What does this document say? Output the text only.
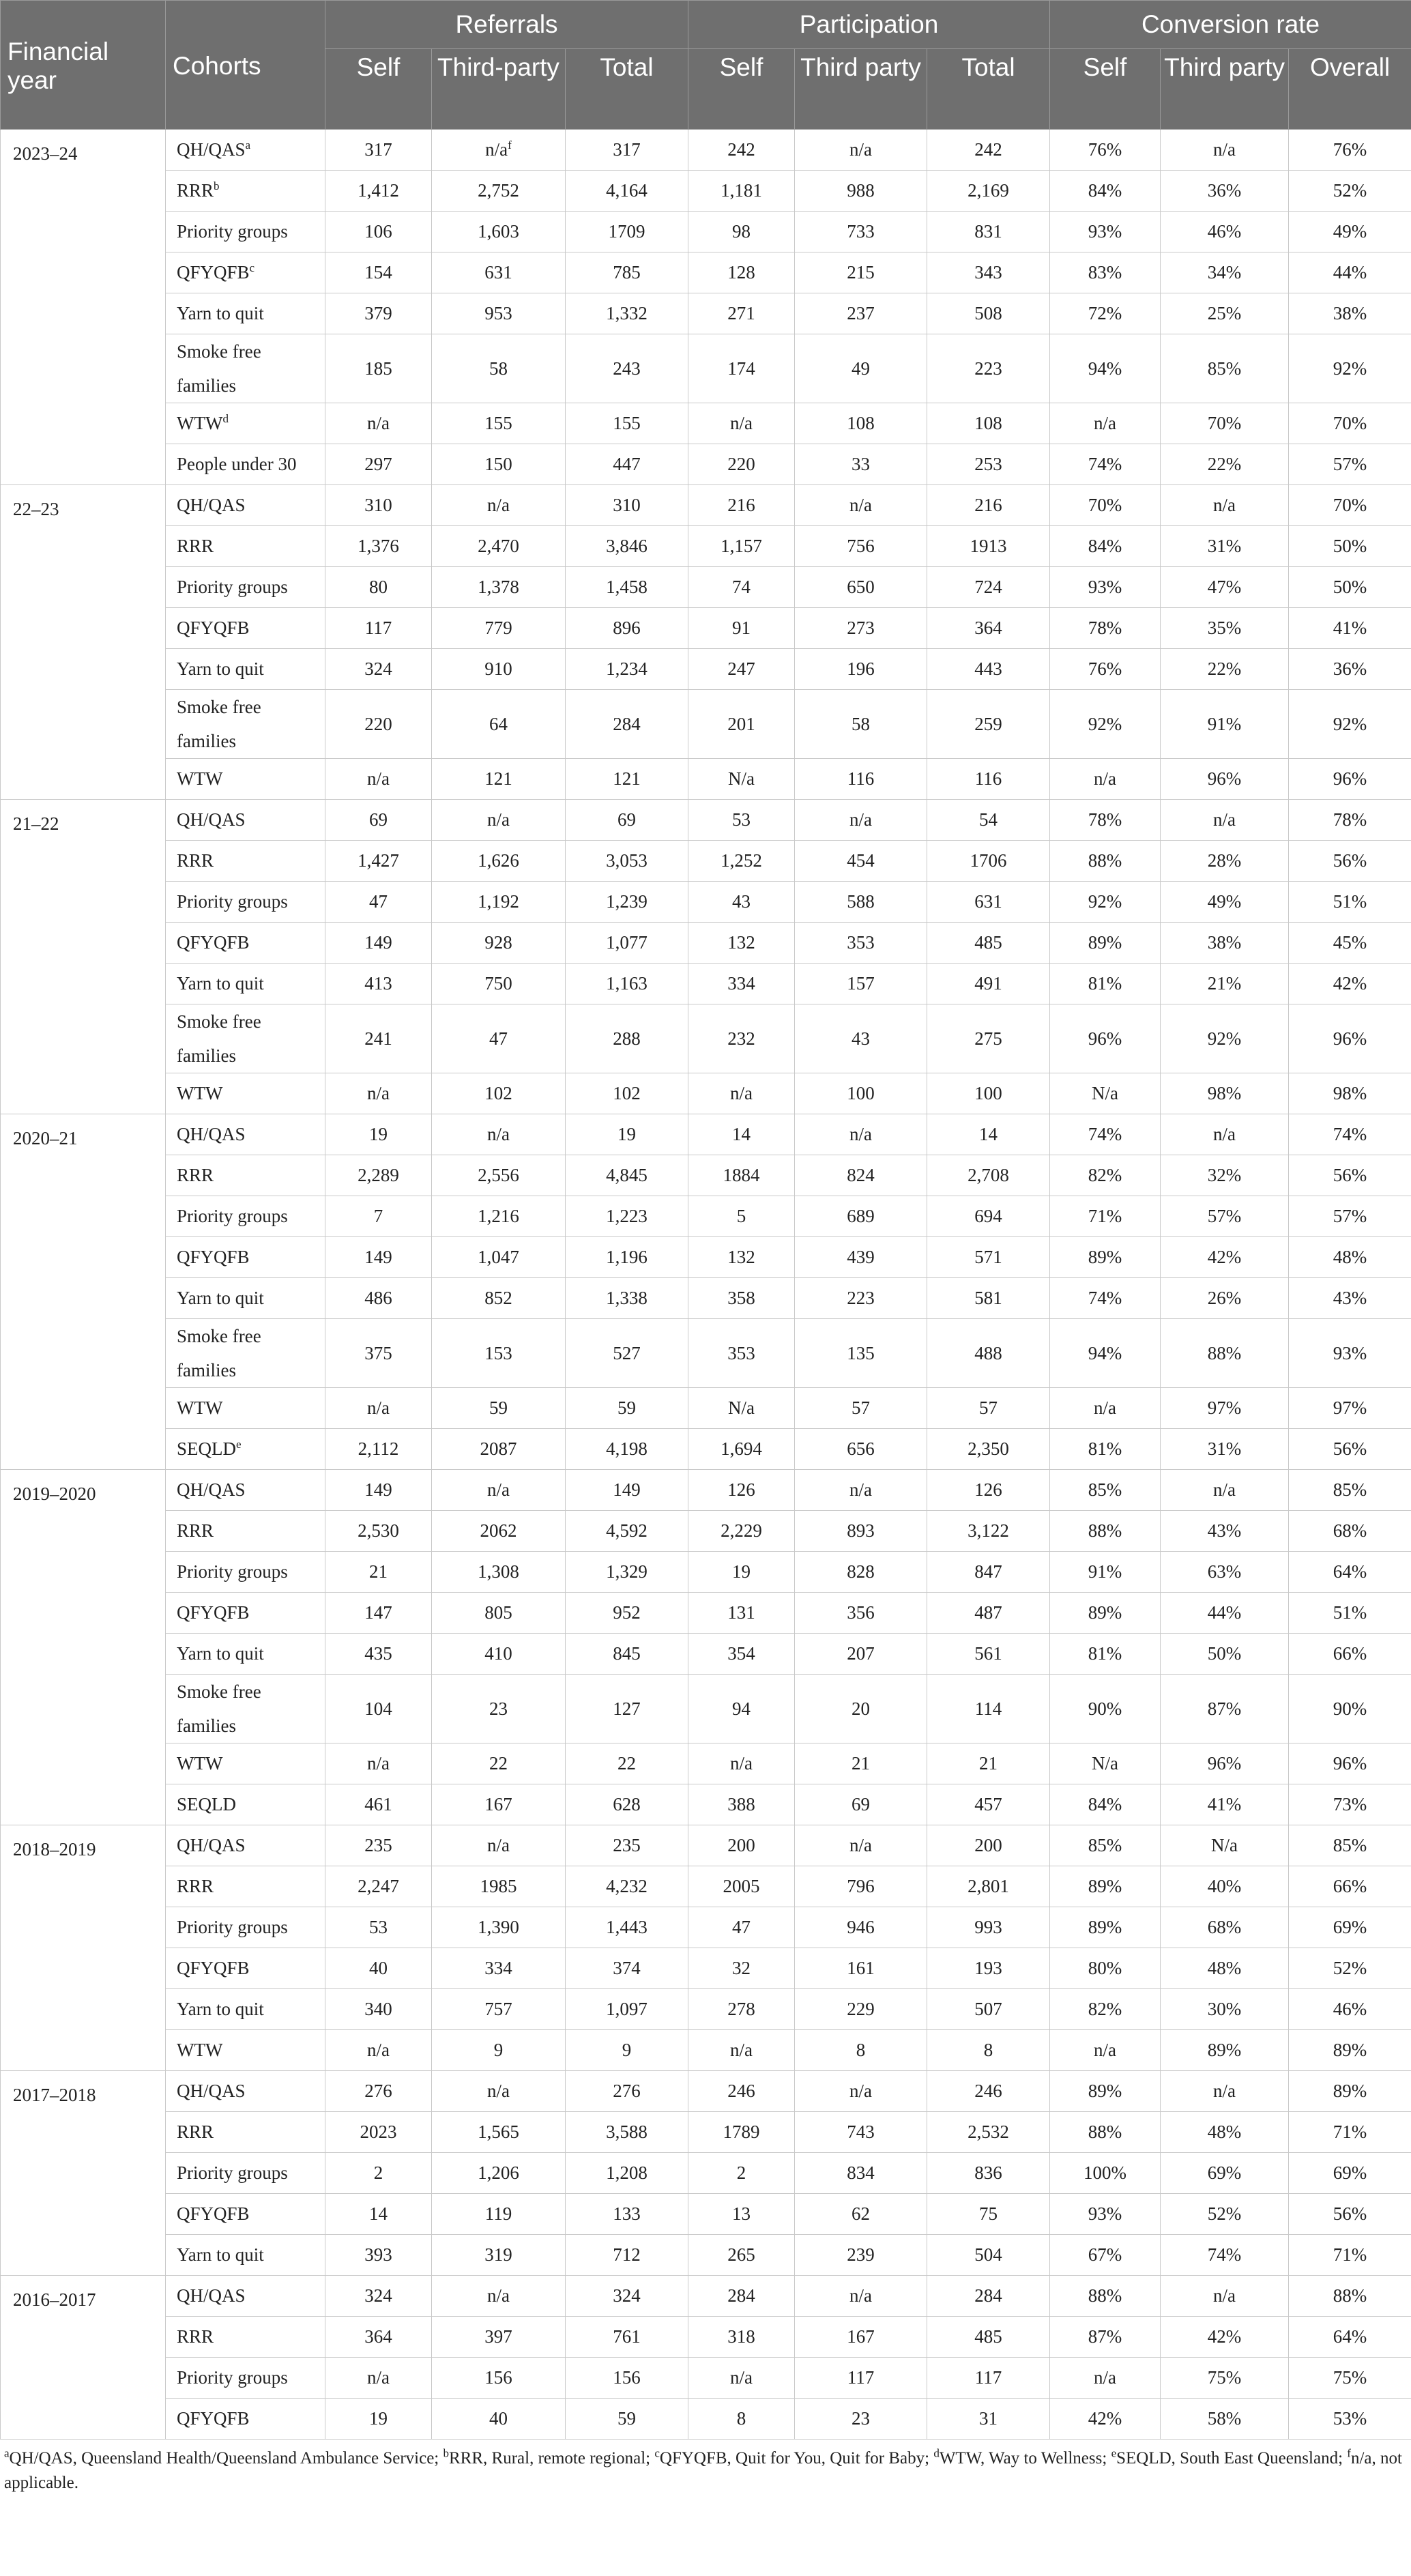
Financial year	Cohorts	Referrals			Participation			Conversion rate		
		Self	Third-party	Total	Self	Third party	Total	Self	Third party	Overall
2023–24	QH/QAS$^a$	317	$n/a^f$	317	242	n/a	242	76%	n/a	76%
	RRR$^b$	1,412	2,752	4,164	1,181	988	2,169	84%	36%	52%
	Priority groups	106	1,603	1709	98	733	831	93%	46%	49%
	QFYQFB$^c$	154	631	785	128	215	343	83%	34%	44%
	Yarn to quit	379	953	1,332	271	237	508	72%	25%	38%
	Smoke free families	185	58	243	174	49	223	94%	85%	92%
	WTW$^d$	n/a	155	155	n/a	108	108	n/a	70%	70%
	People under 30	297	150	447	220	33	253	74%	22%	57%
22–23	QH/QAS	310	n/a	310	216	n/a	216	70%	n/a	70%
	RRR	1,376	2,470	3,846	1,157	756	1913	84%	31%	50%
	Priority groups	80	1,378	1,458	74	650	724	93%	47%	50%
	QFYQFB	117	779	896	91	273	364	78%	35%	41%
	Yarn to quit	324	910	1,234	247	196	443	76%	22%	36%
	Smoke free families	220	64	284	201	58	259	92%	91%	92%
	WTW	n/a	121	121	N/a	116	116	n/a	96%	96%
21–22	QH/QAS	69	n/a	69	53	n/a	54	78%	n/a	78%
	RRR	1,427	1,626	3,053	1,252	454	1706	88%	28%	56%
	Priority groups	47	1,192	1,239	43	588	631	92%	49%	51%
	QFYQFB	149	928	1,077	132	353	485	89%	38%	45%
	Yarn to quit	413	750	1,163	334	157	491	81%	21%	42%
	Smoke free families	241	47	288	232	43	275	96%	92%	96%
	WTW	n/a	102	102	n/a	100	100	N/a	98%	98%
2020–21	QH/QAS	19	n/a	19	14	n/a	14	74%	n/a	74%
	RRR	2,289	2,556	4,845	1884	824	2,708	82%	32%	56%
	Priority groups	7	1,216	1,223	5	689	694	71%	57%	57%
	QFYQFB	149	1,047	1,196	132	439	571	89%	42%	48%
	Yarn to quit	486	852	1,338	358	223	581	74%	26%	43%
	Smoke free families	375	153	527	353	135	488	94%	88%	93%
	WTW	n/a	59	59	N/a	57	57	n/a	97%	97%
	SEQLD$^e$	2,112	2087	4,198	1,694	656	2,350	81%	31%	56%
2019–2020	QH/QAS	149	n/a	149	126	n/a	126	85%	n/a	85%
	RRR	2,530	2062	4,592	2,229	893	3,122	88%	43%	68%
	Priority groups	21	1,308	1,329	19	828	847	91%	63%	64%
	QFYQFB	147	805	952	131	356	487	89%	44%	51%
	Yarn to quit	435	410	845	354	207	561	81%	50%	66%
	Smoke free families	104	23	127	94	20	114	90%	87%	90%
	WTW	n/a	22	22	n/a	21	21	N/a	96%	96%
	SEQLD	461	167	628	388	69	457	84%	41%	73%
2018–2019	QH/QAS	235	n/a	235	200	n/a	200	85%	N/a	85%
	RRR	2,247	1985	4,232	2005	796	2,801	89%	40%	66%
	Priority groups	53	1,390	1,443	47	946	993	89%	68%	69%
	QFYQFB	40	334	374	32	161	193	80%	48%	52%
	Yarn to quit	340	757	1,097	278	229	507	82%	30%	46%
	WTW	n/a	9	9	n/a	8	8	n/a	89%	89%
2017–2018	QH/QAS	276	n/a	276	246	n/a	246	89%	n/a	89%
	RRR	2023	1,565	3,588	1789	743	2,532	88%	48%	71%
	Priority groups	2	1,206	1,208	2	834	836	100%	69%	69%
	QFYQFB	14	119	133	13	62	75	93%	52%	56%
	Yarn to quit	393	319	712	265	239	504	67%	74%	71%
2016–2017	QH/QAS	324	n/a	324	284	n/a	284	88%	n/a	88%
	RRR	364	397	761	318	167	485	87%	42%	64%
	Priority groups	n/a	156	156	n/a	117	117	n/a	75%	75%
	QFYQFB	19	40	59	8	23	31	42%	58%	53%
$^a$QH/QAS, Queensland Health/Queensland Ambulance Service; $^b$RRR, Rural, remote regional; $^c$QFYQFB, Quit for You, Quit for Baby; $^d$WTW, Way to Wellness; $^e$SEQLD, South East Queensland; $^f$n/a, not applicable.
